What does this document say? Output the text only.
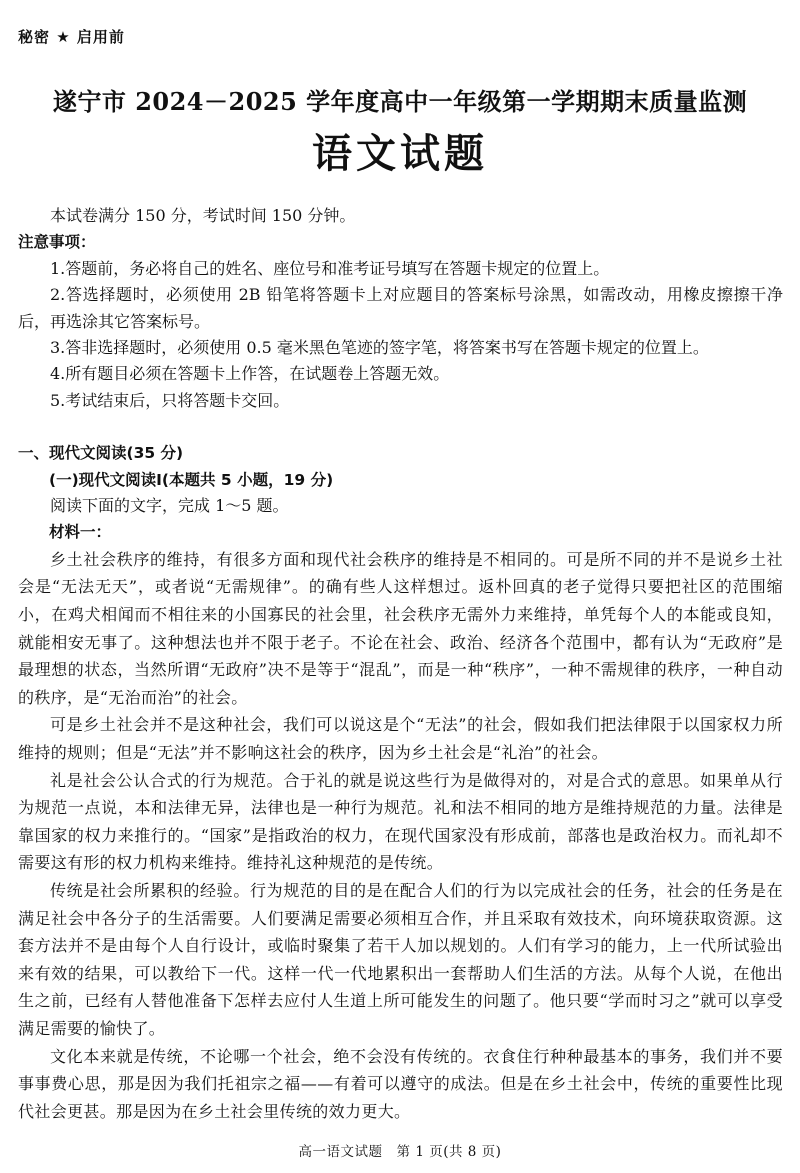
秘密 ★ 启用前
遂宁市 2024－2025 学年度高中一年级第一学期期末质量监测
语文试题

本试卷满分 150 分，考试时间 150 分钟。

注意事项：

1.答题前，务必将自己的姓名、座位号和准考证号填写在答题卡规定的位置上。

2.答选择题时，必须使用 2B 铅笔将答题卡上对应题目的答案标号涂黑，如需改动，用橡皮擦擦干净后，再选涂其它答案标号。

3.答非选择题时，必须使用 0.5 毫米黑色笔迹的签字笔，将答案书写在答题卡规定的位置上。

4.所有题目必须在答题卡上作答，在试题卷上答题无效。

5.考试结束后，只将答题卡交回。

一、现代文阅读(35 分)

(一)现代文阅读Ⅰ(本题共 5 小题，19 分)

阅读下面的文字，完成 1～5 题。

材料一：

乡土社会秩序的维持，有很多方面和现代社会秩序的维持是不相同的。可是所不同的并不是说乡土社会是“无法无天”，或者说“无需规律”。的确有些人这样想过。返朴回真的老子觉得只要把社区的范围缩小，在鸡犬相闻而不相往来的小国寡民的社会里，社会秩序无需外力来维持，单凭每个人的本能或良知，就能相安无事了。这种想法也并不限于老子。不论在社会、政治、经济各个范围中，都有认为“无政府”是最理想的状态，当然所谓“无政府”决不是等于“混乱”，而是一种“秩序”，一种不需规律的秩序，一种自动的秩序，是“无治而治”的社会。

可是乡土社会并不是这种社会，我们可以说这是个“无法”的社会，假如我们把法律限于以国家权力所维持的规则；但是“无法”并不影响这社会的秩序，因为乡土社会是“礼治”的社会。

礼是社会公认合式的行为规范。合于礼的就是说这些行为是做得对的，对是合式的意思。如果单从行为规范一点说，本和法律无异，法律也是一种行为规范。礼和法不相同的地方是维持规范的力量。法律是靠国家的权力来推行的。“国家”是指政治的权力，在现代国家没有形成前，部落也是政治权力。而礼却不需要这有形的权力机构来维持。维持礼这种规范的是传统。

传统是社会所累积的经验。行为规范的目的是在配合人们的行为以完成社会的任务，社会的任务是在满足社会中各分子的生活需要。人们要满足需要必须相互合作，并且采取有效技术，向环境获取资源。这套方法并不是由每个人自行设计，或临时聚集了若干人加以规划的。人们有学习的能力，上一代所试验出来有效的结果，可以教给下一代。这样一代一代地累积出一套帮助人们生活的方法。从每个人说，在他出生之前，已经有人替他准备下怎样去应付人生道上所可能发生的问题了。他只要“学而时习之”就可以享受满足需要的愉快了。

文化本来就是传统，不论哪一个社会，绝不会没有传统的。衣食住行种种最基本的事务，我们并不要事事费心思，那是因为我们托祖宗之福——有着可以遵守的成法。但是在乡土社会中，传统的重要性比现代社会更甚。那是因为在乡土社会里传统的效力更大。

高一语文试题　第 1 页(共 8 页)
